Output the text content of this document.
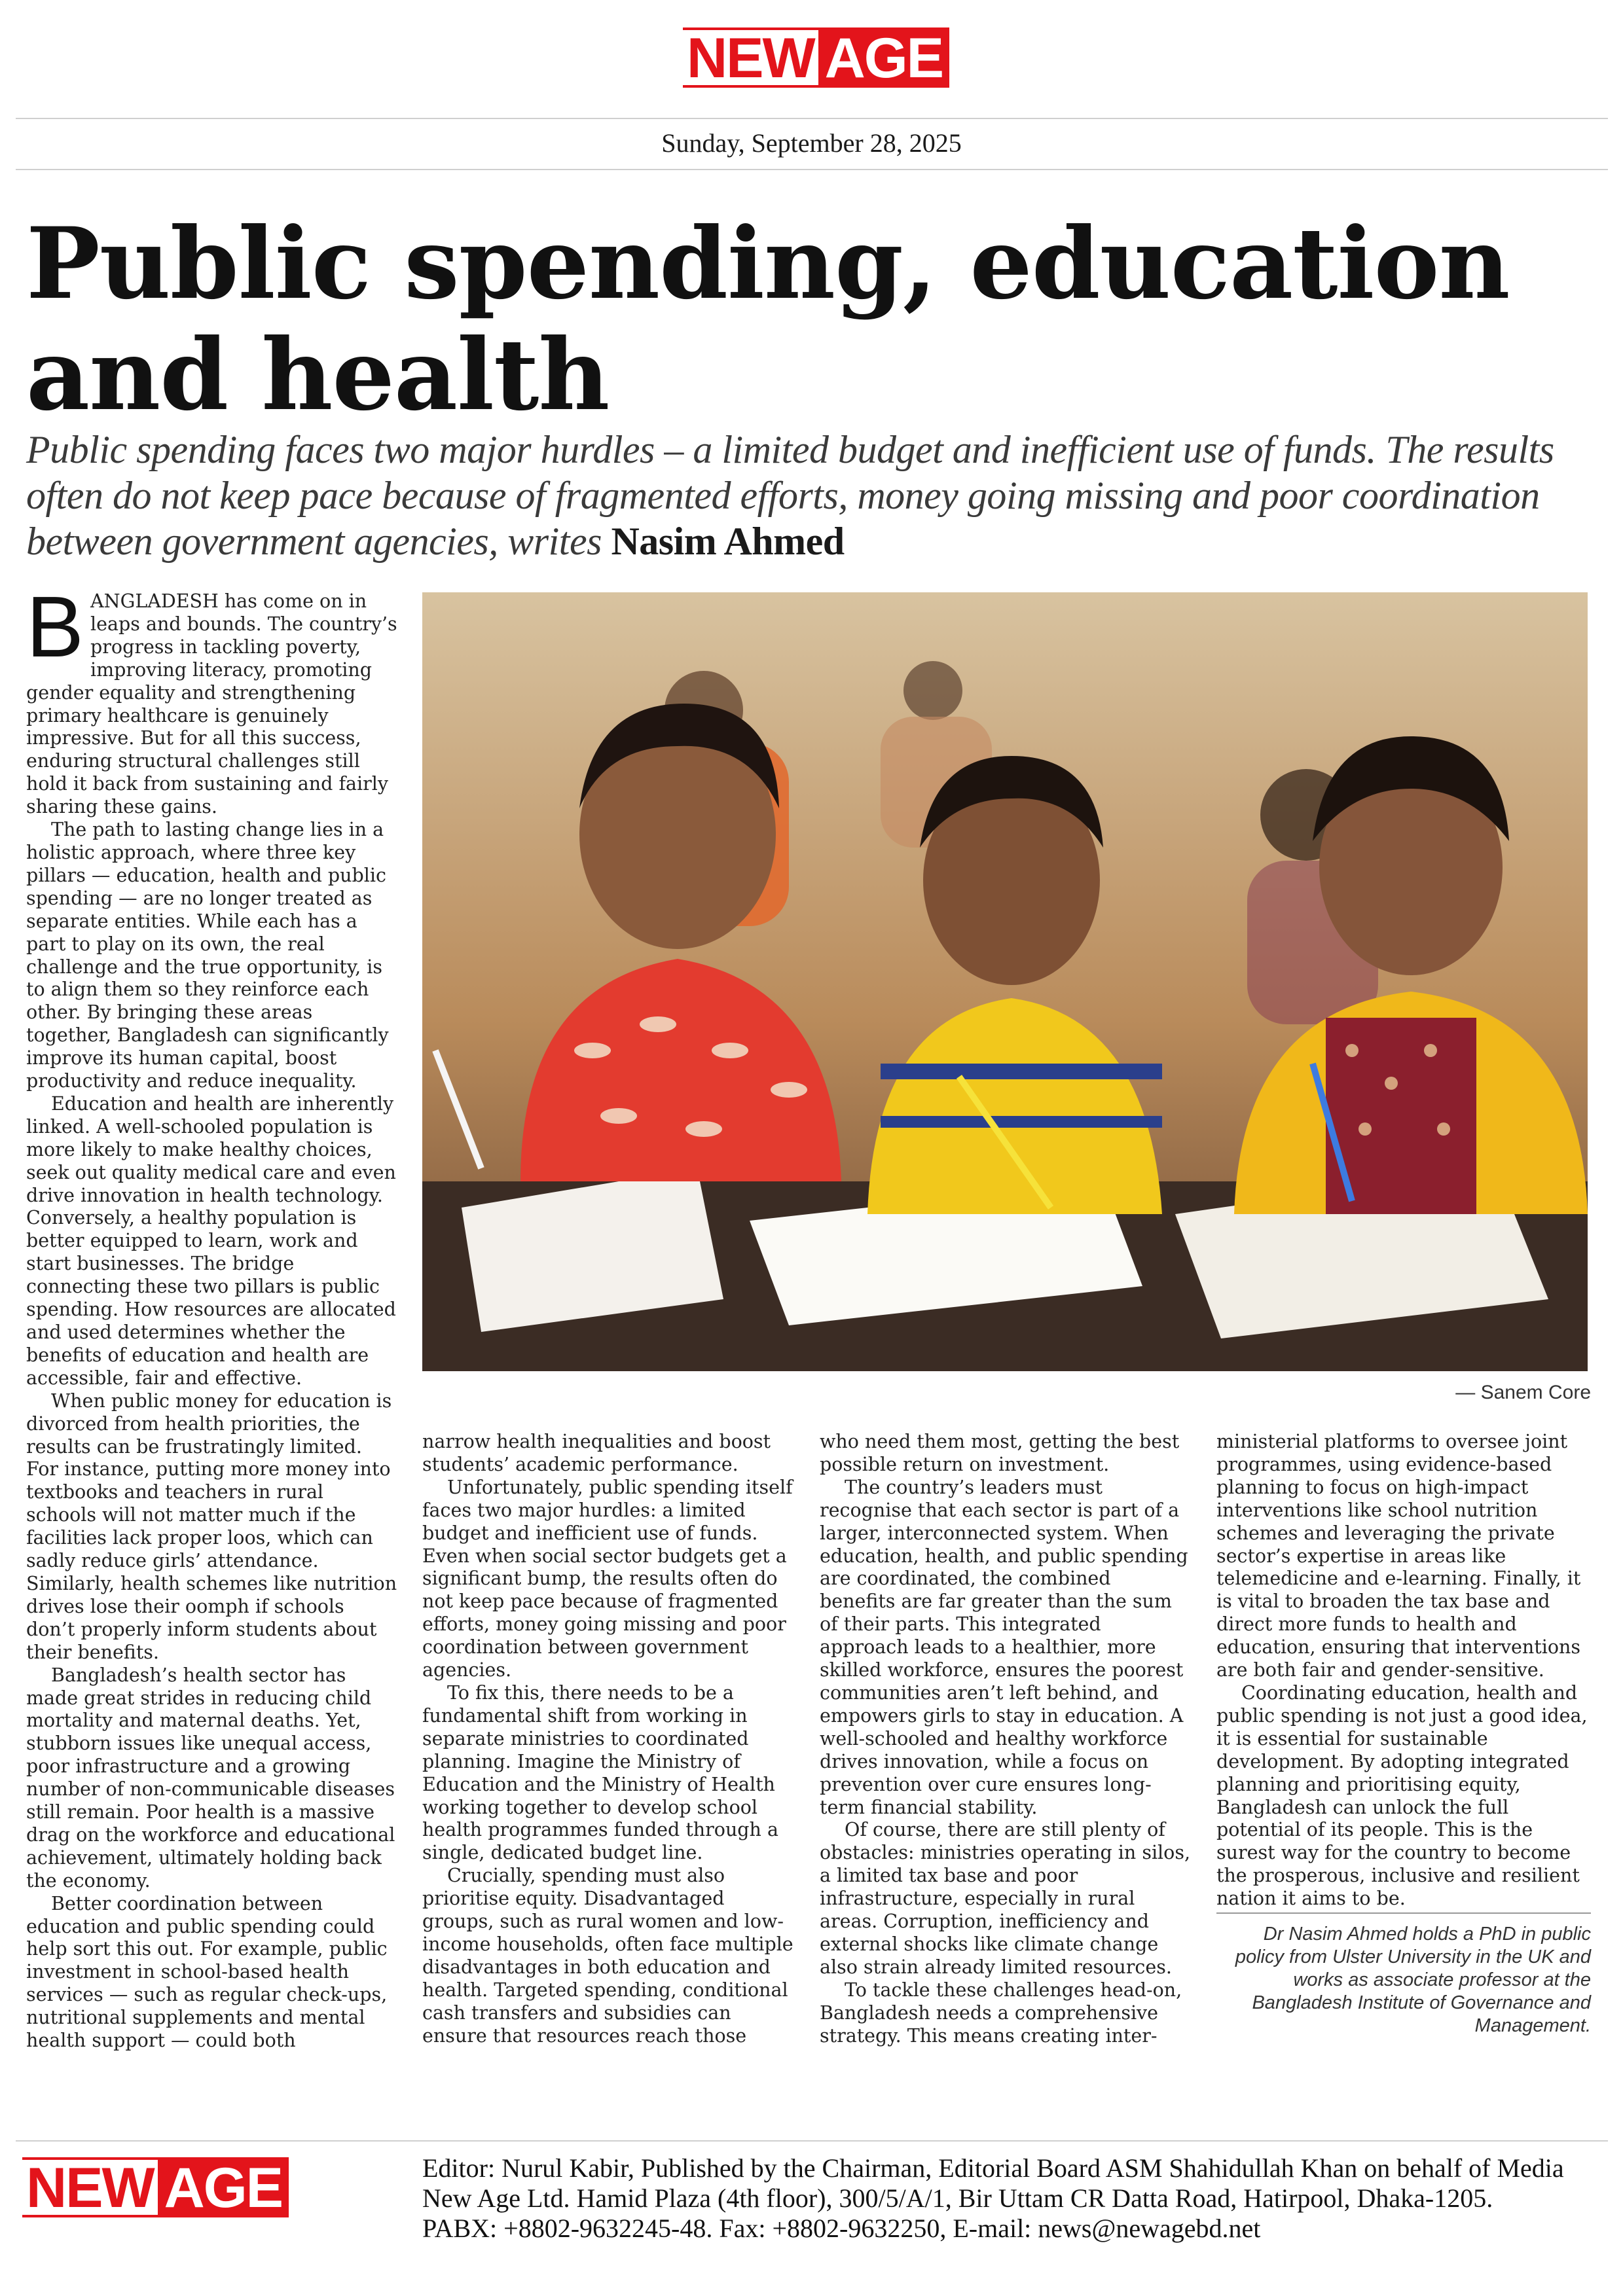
NEW AGE
Sunday, September 28, 2025
Public spending, education and health
Public spending faces two major hurdles – a limited budget and inefficient use of funds. The results often do not keep pace because of fragmented efforts, money going missing and poor coordination between government agencies, writes Nasim Ahmed

BANGLADESH has come on in leaps and bounds. The country’s progress in tackling poverty, improving literacy, promoting gender equality and strengthening primary healthcare is genuinely impressive. But for all this success, enduring structural challenges still hold it back from sustaining and fairly sharing these gains.

The path to lasting change lies in a holistic approach, where three key pillars — education, health and public spending — are no longer treated as separate entities. While each has a part to play on its own, the real challenge and the true opportunity, is to align them so they reinforce each other. By bringing these areas together, Bangladesh can significantly improve its human capital, boost productivity and reduce inequality.

Education and health are inherently linked. A well-schooled population is more likely to make healthy choices, seek out quality medical care and even drive innovation in health technology. Conversely, a healthy population is better equipped to learn, work and start businesses. The bridge connecting these two pillars is public spending. How resources are allocated and used determines whether the benefits of education and health are accessible, fair and effective.

When public money for education is divorced from health priorities, the results can be frustratingly limited. For instance, putting more money into textbooks and teachers in rural schools will not matter much if the facilities lack proper loos, which can sadly reduce girls’ attendance. Similarly, health schemes like nutrition drives lose their oomph if schools don’t properly inform students about their benefits.

Bangladesh’s health sector has made great strides in reducing child mortality and maternal deaths. Yet, stubborn issues like unequal access, poor infrastructure and a growing number of non-communicable diseases still remain. Poor health is a massive drag on the workforce and educational achievement, ultimately holding back the economy.

Better coordination between education and public spending could help sort this out. For example, public investment in school-based health services — such as regular check-ups, nutritional supplements and mental health support — could both

— Sanem Core

narrow health inequalities and boost students’ academic performance.

Unfortunately, public spending itself faces two major hurdles: a limited budget and inefficient use of funds. Even when social sector budgets get a significant bump, the results often do not keep pace because of fragmented efforts, money going missing and poor coordination between government agencies.

To fix this, there needs to be a fundamental shift from working in separate ministries to coordinated planning. Imagine the Ministry of Education and the Ministry of Health working together to develop school health programmes funded through a single, dedicated budget line.

Crucially, spending must also prioritise equity. Disadvantaged groups, such as rural women and low-income households, often face multiple disadvantages in both education and health. Targeted spending, conditional cash transfers and subsidies can ensure that resources reach those

who need them most, getting the best possible return on investment.

The country’s leaders must recognise that each sector is part of a larger, interconnected system. When education, health, and public spending are coordinated, the combined benefits are far greater than the sum of their parts. This integrated approach leads to a healthier, more skilled workforce, ensures the poorest communities aren’t left behind, and empowers girls to stay in education. A well-schooled and healthy workforce drives innovation, while a focus on prevention over cure ensures long-term financial stability.

Of course, there are still plenty of obstacles: ministries operating in silos, a limited tax base and poor infrastructure, especially in rural areas. Corruption, inefficiency and external shocks like climate change also strain already limited resources.

To tackle these challenges head-on, Bangladesh needs a comprehensive strategy. This means creating inter-

ministerial platforms to oversee joint programmes, using evidence-based planning to focus on high-impact interventions like school nutrition schemes and leveraging the private sector’s expertise in areas like telemedicine and e-learning. Finally, it is vital to broaden the tax base and direct more funds to health and education, ensuring that interventions are both fair and gender-sensitive.

Coordinating education, health and public spending is not just a good idea, it is essential for sustainable development. By adopting integrated planning and prioritising equity, Bangladesh can unlock the full potential of its people. This is the surest way for the country to become the prosperous, inclusive and resilient nation it aims to be.

Dr Nasim Ahmed holds a PhD in public policy from Ulster University in the UK and works as associate professor at the Bangladesh Institute of Governance and Management.
NEW AGE	Editor: Nurul Kabir, Published by the Chairman, Editorial Board ASM Shahidullah Khan on behalf of Media New Age Ltd. Hamid Plaza (4th floor), 300/5/A/1, Bir Uttam CR Datta Road, Hatirpool, Dhaka-1205.
PABX: +8802-9632245-48. Fax: +8802-9632250, E-mail: news@newagebd.net
